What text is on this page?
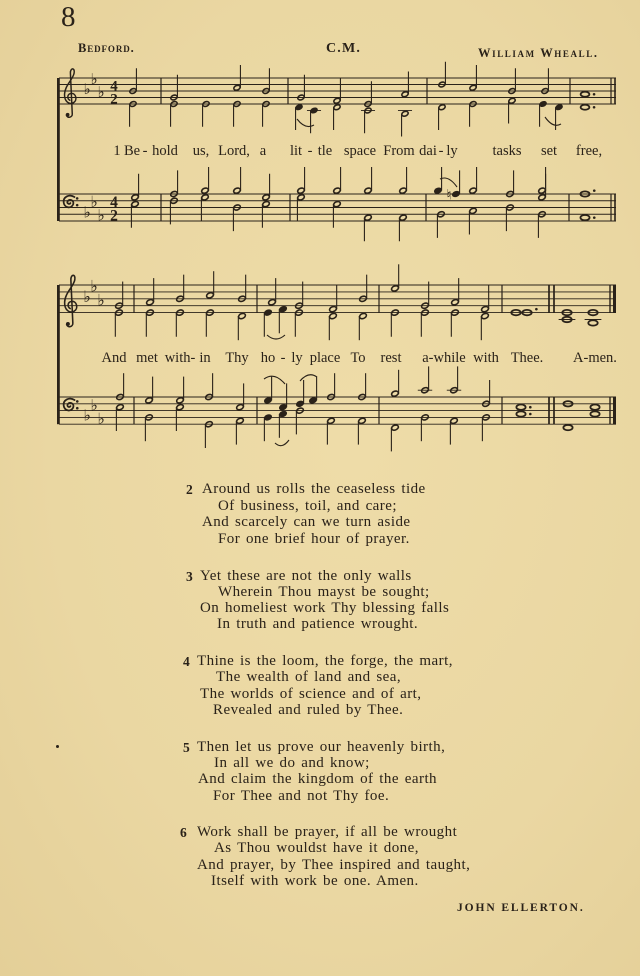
8
Bedford.	C.M.	William Wheall.
♭
♭
♭ 4
2
♭
♭
♭
4
2
♮
1 Be - hold us, Lord, a lit - tle space From dai - ly tasks set free,
♭
♭
♭
♭
♭
♭
And met with- in Thy ho - ly place To rest a-while with Thee. A-men.
2 Around us rolls the ceaseless tide
Of business, toil, and care;
And scarcely can we turn aside
For one brief hour of prayer.
3 Yet these are not the only walls
Wherein Thou mayst be sought;
On homeliest work Thy blessing falls
In truth and patience wrought.
4 Thine is the loom, the forge, the mart,
The wealth of land and sea,
The worlds of science and of art,
Revealed and ruled by Thee.
5 Then let us prove our heavenly birth,
In all we do and know;
And claim the kingdom of the earth
For Thee and not Thy foe.
6 Work shall be prayer, if all be wrought
As Thou wouldst have it done,
And prayer, by Thee inspired and taught,
Itself with work be one. Amen.
JOHN ELLERTON.
